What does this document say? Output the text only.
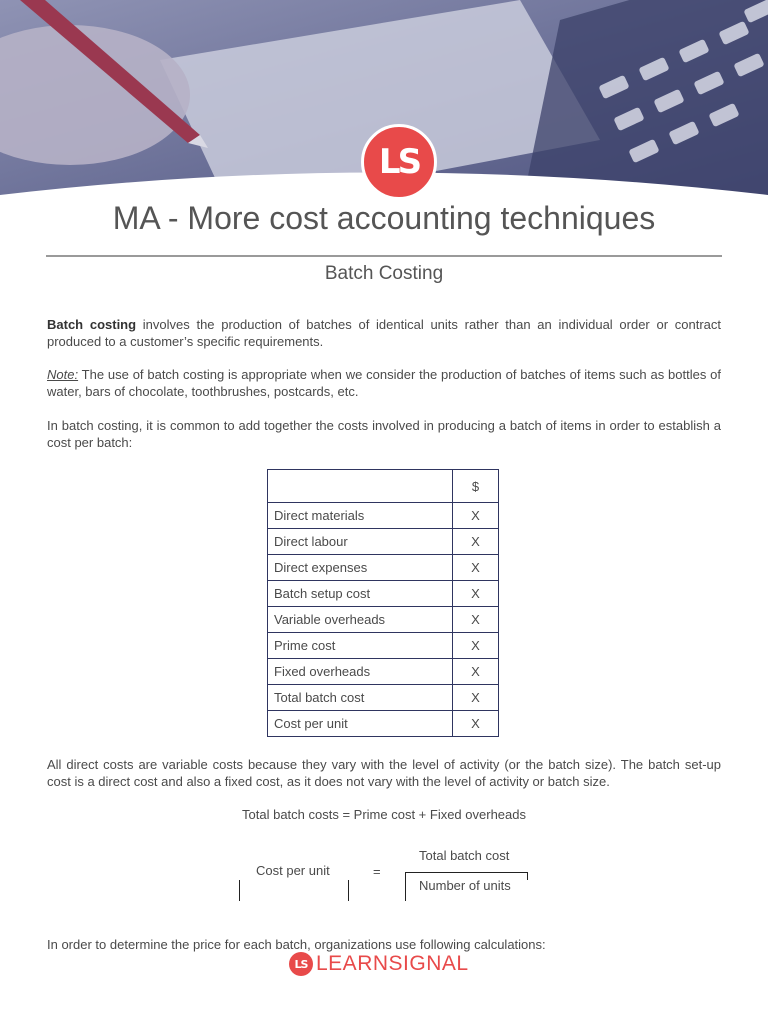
LS
MA - More cost accounting techniques
Batch Costing
Batch costing involves the production of batches of identical units rather than an individual order or contract produced to a customer’s specific requirements.
Note: The use of batch costing is appropriate when we consider the production of batches of items such as bottles of water, bars of chocolate, toothbrushes, postcards, etc.
In batch costing, it is common to add together the costs involved in producing a batch of items in order to establish a cost per batch:
	$
Direct materials	X
Direct labour	X
Direct expenses	X
Batch setup cost	X
Variable overheads	X
Prime cost	X
Fixed overheads	X
Total batch cost	X
Cost per unit	X
All direct costs are variable costs because they vary with the level of activity (or the batch size). The batch set-up cost is a direct cost and also a fixed cost, as it does not vary with the level of activity or batch size.
Total batch costs = Prime cost + Fixed overheads
Cost per unit	=
Total batch cost
Number of units
In order to determine the price for each batch, organizations use following calculations:
LS LEARNSIGNAL
